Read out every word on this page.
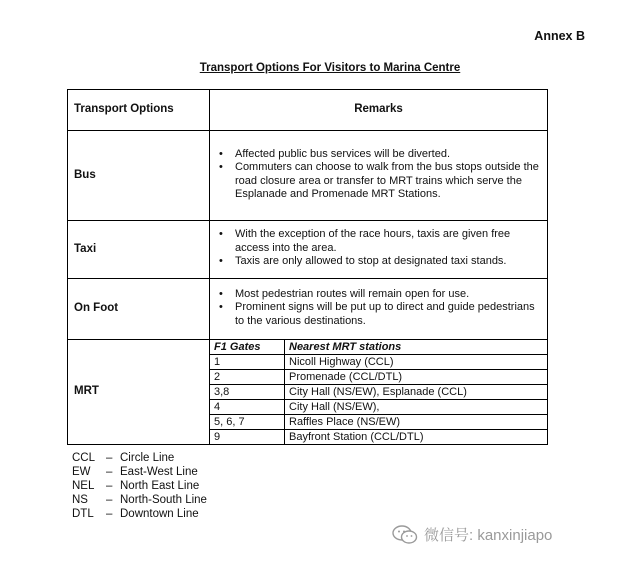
Annex B
Transport Options For Visitors to Marina Centre
Transport Options	Remarks
Bus	
• Affected public bus services will be diverted.
• Commuters can choose to walk from the bus stops outside the road closure area or transfer to MRT trains which serve the Esplanade and Promenade MRT Stations.

Taxi	
• With the exception of the race hours, taxis are given free access into the area.
• Taxis are only allowed to stop at designated taxi stands.

On Foot	
• Most pedestrian routes will remain open for use.
• Prominent signs will be put up to direct and guide pedestrians to the various destinations.

MRT	
F1 Gates	Nearest MRT stations
1	Nicoll Highway (CCL)
2	Promenade (CCL/DTL)
3,8	City Hall (NS/EW), Esplanade (CCL)
4	City Hall (NS/EW),
5, 6, 7	Raffles Place (NS/EW)
9	Bayfront Station (CCL/DTL)
CCL – Circle Line
EW	– East-West Line
NEL	– North East Line
NS	– North-South Line
DTL	– Downtown Line
微信号: kanxinjiapo
